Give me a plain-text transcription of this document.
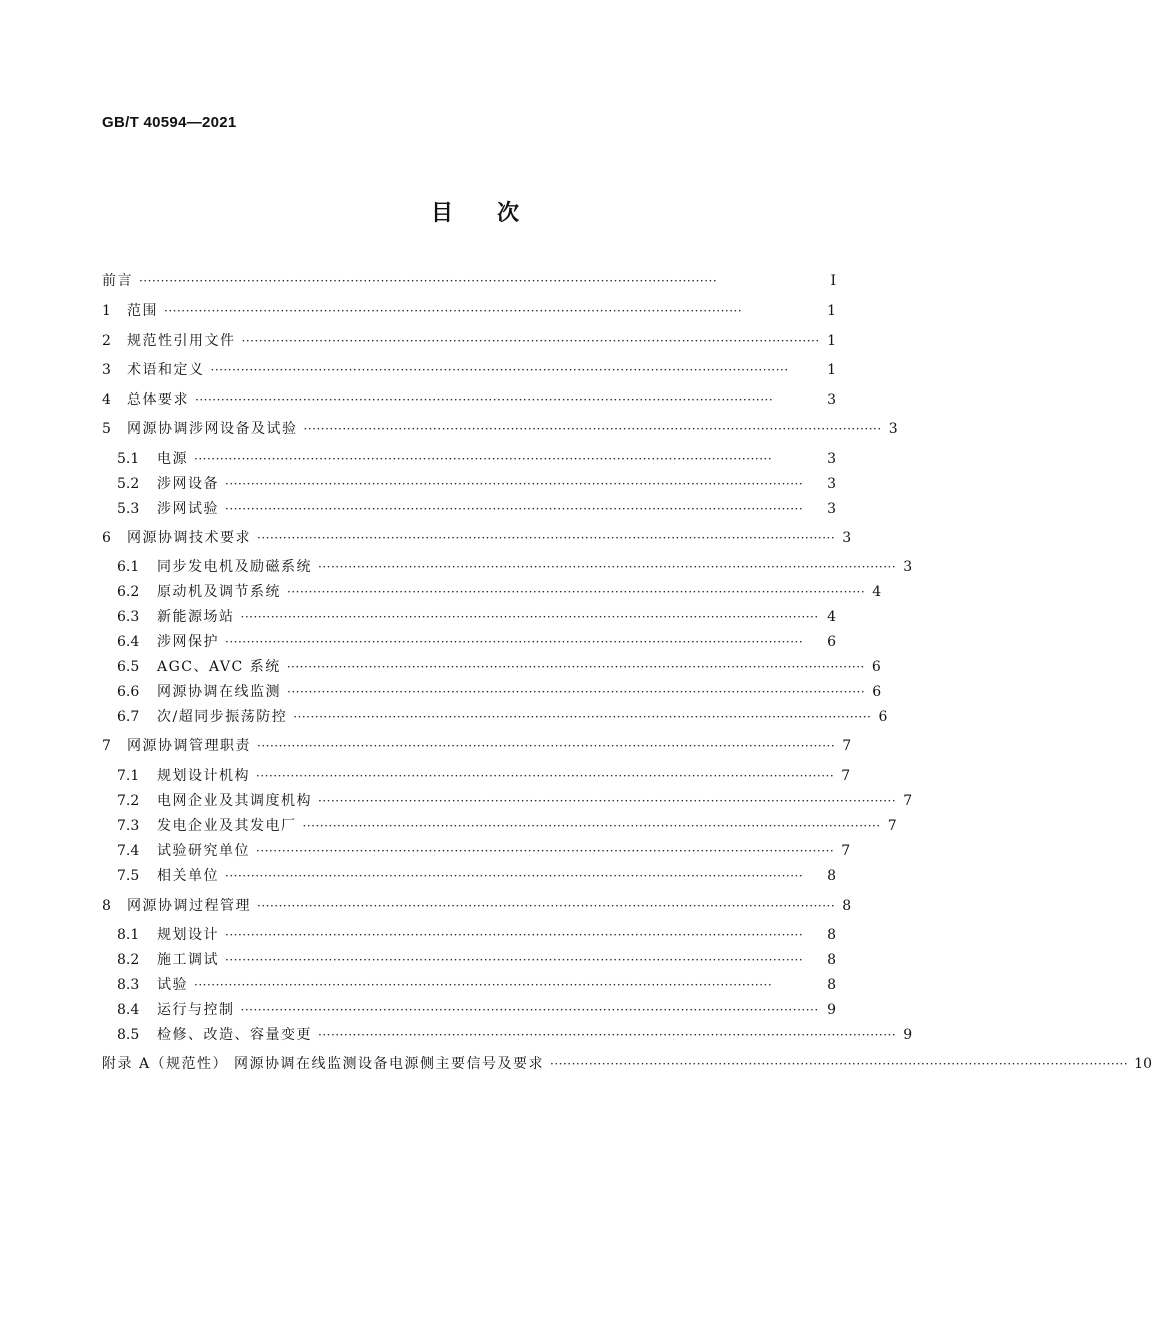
GB/T 40594—2021
目次
前言 ······································································································································	Ⅰ
1	范围 ······································································································································	1
2	规范性引用文件 ······································································································································ 1
3	术语和定义 ······································································································································	1
4	总体要求 ······································································································································	3
5	网源协调涉网设备及试验 ······································································································································ 3
5.1	电源 ······································································································································	3
5.2	涉网设备 ······································································································································	3
5.3	涉网试验 ······································································································································	3
6	网源协调技术要求 ······································································································································ 3
6.1	同步发电机及励磁系统 ······································································································································ 3
6.2	原动机及调节系统 ······································································································································ 4
6.3	新能源场站 ······································································································································ 4
6.4	涉网保护 ······································································································································	6
6.5	AGC、AVC 系统 ······································································································································ 6
6.6	网源协调在线监测 ······································································································································ 6
6.7	次/超同步振荡防控 ······································································································································ 6
7	网源协调管理职责 ······································································································································ 7
7.1	规划设计机构 ······································································································································ 7
7.2	电网企业及其调度机构 ······································································································································ 7
7.3	发电企业及其发电厂 ······································································································································ 7
7.4	试验研究单位 ······································································································································ 7
7.5	相关单位 ······································································································································	8
8	网源协调过程管理 ······································································································································ 8
8.1	规划设计 ······································································································································	8
8.2	施工调试 ······································································································································	8
8.3	试验 ······································································································································	8
8.4	运行与控制 ······································································································································ 9
8.5	检修、改造、容量变更 ······································································································································ 9
附录 A（规范性） 网源协调在线监测设备电源侧主要信号及要求 ······································································································································ 10
